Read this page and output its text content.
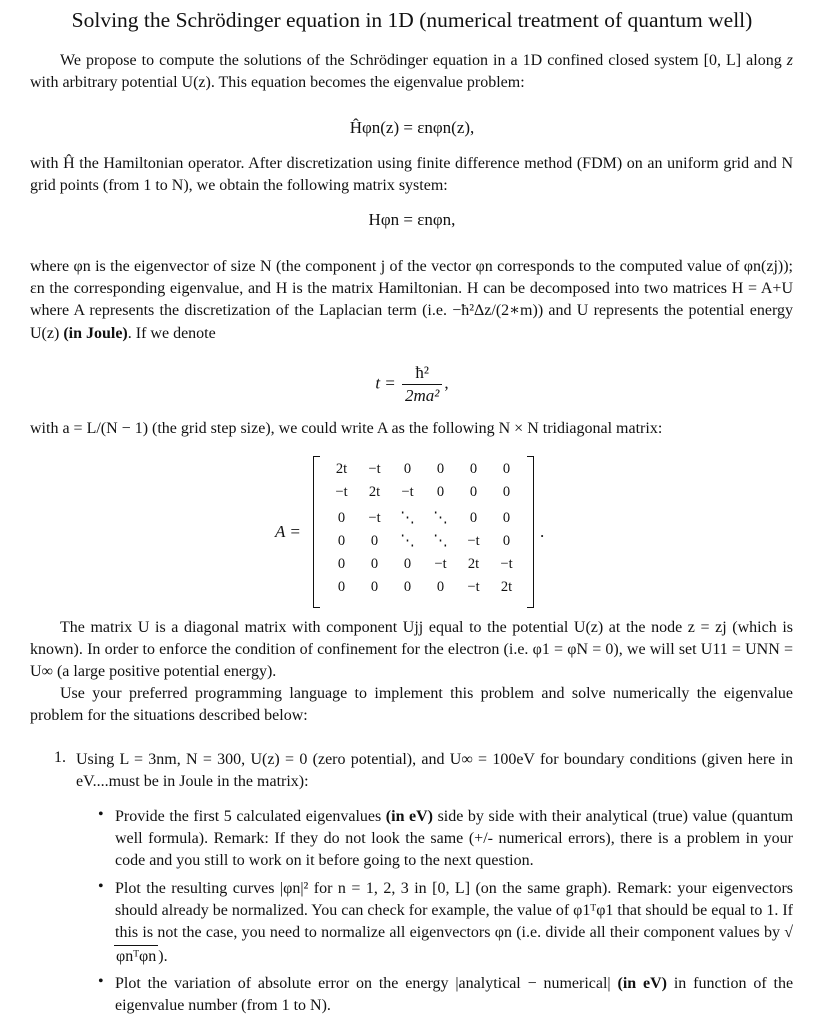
Solving the Schrödinger equation in 1D (numerical treatment of quantum well)
We propose to compute the solutions of the Schrödinger equation in a 1D confined closed system [0, L] along z with arbitrary potential U(z). This equation becomes the eigenvalue problem:
Ĥφn(z) = εnφn(z),
with Ĥ the Hamiltonian operator. After discretization using finite difference method (FDM) on an uniform grid and N grid points (from 1 to N), we obtain the following matrix system:
Hφn = εnφn,
where φn is the eigenvector of size N (the component j of the vector φn corresponds to the computed value of φn(zj)); εn the corresponding eigenvalue, and H is the matrix Hamiltonian. H can be decomposed into two matrices H = A+U where A represents the discretization of the Laplacian term (i.e. −ħ²Δz/(2∗m)) and U represents the potential energy U(z) (in Joule). If we denote
$t = \frac{\text{ħ²}}{\text{2ma²}}$ ,
with a = L/(N − 1) (the grid step size), we could write A as the following N × N tridiagonal matrix:
A =
2t	−t	0	0	0	0
−t	2t	−t	0	0	0
0	−t	⋱	⋱	0	0
0	0	⋱	⋱	−t	0
0	0	0	−t	2t	−t
0	0	0	0	−t	2t
.
The matrix U is a diagonal matrix with component Ujj equal to the potential U(z) at the node z = zj (which is known). In order to enforce the condition of confinement for the electron (i.e. φ1 = φN = 0), we will set U11 = UNN = U∞ (a large positive potential energy).
Use your preferred programming language to implement this problem and solve numerically the eigenvalue problem for the situations described below:
1. Using L = 3nm, N = 300, U(z) = 0 (zero potential), and U∞ = 100eV for boundary conditions (given here in eV....must be in Joule in the matrix):
• Provide the first 5 calculated eigenvalues (in eV) side by side with their analytical (true) value (quantum well formula). Remark: If they do not look the same (+/- numerical errors), there is a problem in your code and you still to work on it before going to the next question.
• Plot the resulting curves |φn|² for n = 1, 2, 3 in [0, L] (on the same graph). Remark: your eigenvectors should already be normalized. You can check for example, the value of φ1ᵀφ1 that should be equal to 1. If this is not the case, you need to normalize all eigenvectors φn (i.e. divide all their component values by √φnᵀφn ).
• Plot the variation of absolute error on the energy |analytical − numerical| (in eV) in function of the eigenvalue number (from 1 to N).
